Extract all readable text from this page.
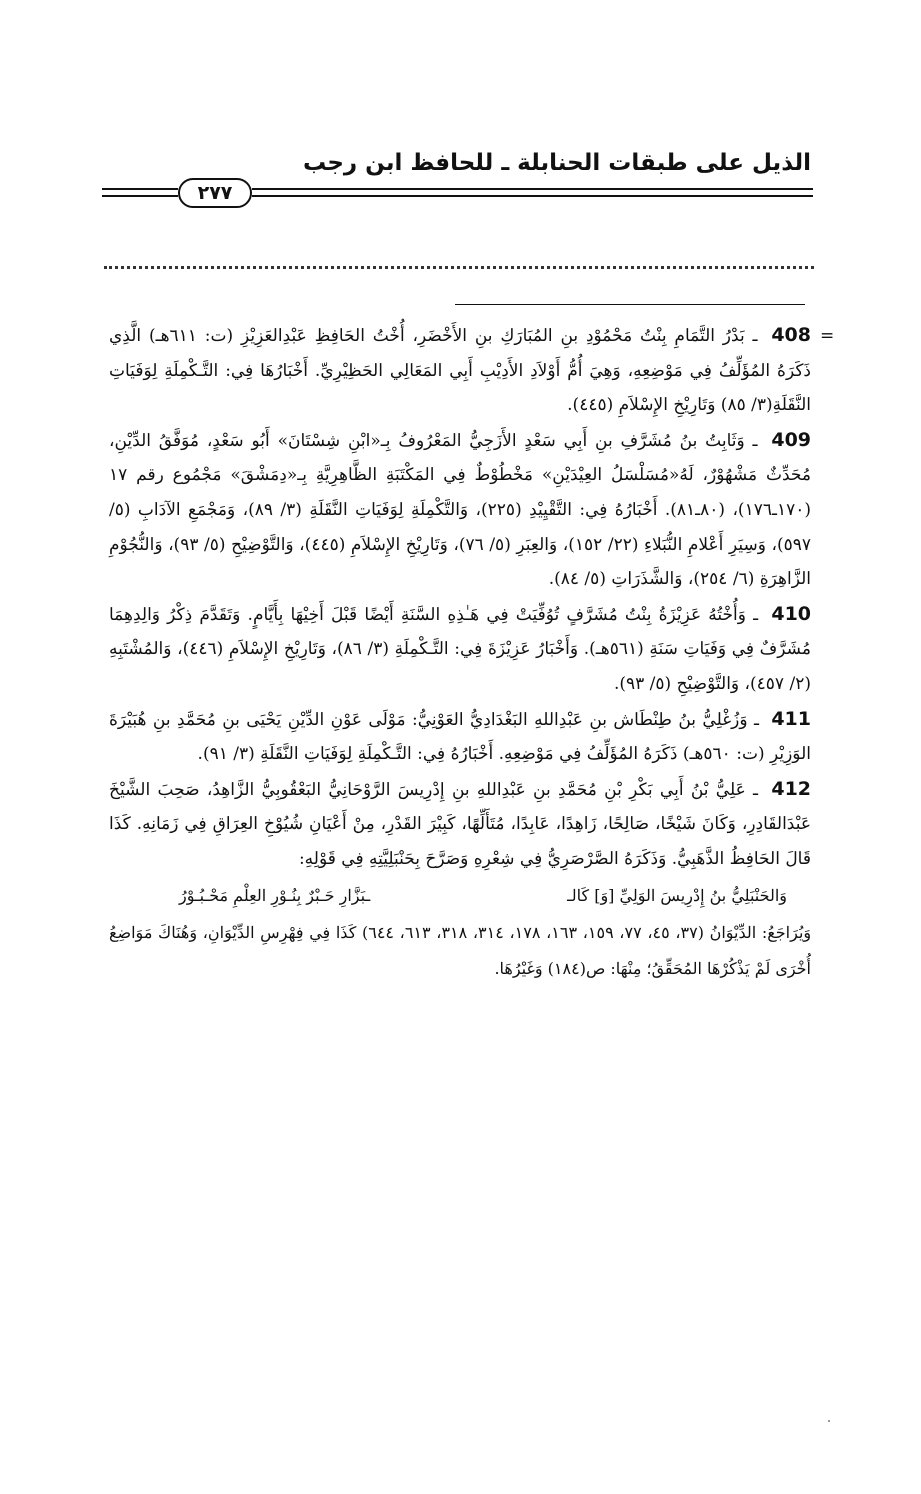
الذيل على طبقات الحنابلة ـ للحافظ ابن رجب
٢٧٧
=

408 ـ بَدْرُ التَّمَامِ بِنْتُ مَحْمُوْدِ بنِ المُبَارَكِ بنِ الأَخْضَرِ، أُخْتُ الحَافِظِ عَبْدِالعَزِيْزِ (ت: ٦١١هـ) الَّذِي ذَكَرَهُ المُؤَلِّفُ فِي مَوْضِعِهِ، وَهِيَ أُمُّ أَوْلاَدِ الأَدِيْبِ أَبِي المَعَالِي الحَظِيْرِيِّ. أَخْبَارُهَا فِي: التَّـكْمِلَةِ لِوَفَيَاتِ النَّقَلَةِ(٣/ ٨٥) وَتَارِيْخِ الإِسْلاَمِ (٤٤٥).

409 ـ وَثَابِتُ بنُ مُشَرَّفِ بنِ أَبِي سَعْدٍ الأَزَجِيُّ المَعْرُوفُ بِـ«ابْنِ شِسْتَانَ» أَبُو سَعْدٍ، مُوَفَّقُ الدِّيْنِ، مُحَدِّثٌ مَشْهُوْرٌ، لَهُ«مُسَلْسَلُ العِيْدَيْنِ» مَخْطُوْطٌ فِي المَكْتَبَةِ الظَّاهِرِيَّةِ بِـ«دِمَشْقَ» مَجْمُوع رقم ١٧ (١٧٠ـ١٧٦)، (٨٠ـ٨١). أَخْبَارُهُ فِي: التَّقْيِيْدِ (٢٢٥)، وَالتَّكْمِلَةِ لِوَفَيَاتِ النَّقَلَةِ (٣/ ٨٩)، وَمَجْمَعِ الآدَابِ (٥/ ٥٩٧)، وَسِيَرِ أَعْلامِ النُّبَلاءِ (٢٢/ ١٥٢)، وَالعِبَرِ (٥/ ٧٦)، وَتَارِيْخِ الإِسْلاَمِ (٤٤٥)، وَالتَّوْضِيْحِ (٥/ ٩٣)، وَالنُّجُوْمِ الزَّاهِرَةِ (٦/ ٢٥٤)، وَالشَّذَرَاتِ (٥/ ٨٤).

410 ـ وَأُخْتُهُ عَزِيْزَةُ بِنْتُ مُشَرَّفٍ تُوُفِّيَتْ فِي هَـٰذِهِ السَّنَةِ أَيْضًا قَبْلَ أَخِيْهَا بِأَيَّامٍ. وَتَقَدَّمَ ذِكْرُ وَالِدِهِمَا مُشَرَّفٌ فِي وَفَيَاتِ سَنَةِ (٥٦١هـ). وَأَخْبَارُ عَزِيْزَةَ فِي: التَّـكْمِلَةِ (٣/ ٨٦)، وَتَارِيْخِ الإِسْلاَمِ (٤٤٦)، وَالمُشْتَبِهِ (٢/ ٤٥٧)، وَالتَّوْضِيْحِ (٥/ ٩٣).

411 ـ وَزُغْلِيُّ بنُ طِنْطَاش بنِ عَبْدِاللهِ البَغْدَادِيُّ العَوْنِيُّ: مَوْلَى عَوْنِ الدِّيْنِ يَحْيَى بنِ مُحَمَّدِ بنِ هُبَيْرَةَ الوَزِيْرِ (ت: ٥٦٠هـ) ذَكَرَهُ المُؤَلِّفُ فِي مَوْضِعِهِ. أَخْبَارُهُ فِي: التَّـكْمِلَةِ لِوَفَيَاتِ النَّقَلَةِ (٣/ ٩١).

412 ـ عَلِيُّ بْنُ أَبِي بَكْرِ بْنِ مُحَمَّدِ بنِ عَبْدِاللهِ بنِ إِدْرِيسَ الرَّوْحَانِيُّ البَعْقُوبِيُّ الزَّاهِدُ، صَحِبَ الشَّيْخَ عَبْدَالقَادِرِ، وَكَانَ شَيْخًا، صَالِحًا، زَاهِدًا، عَابِدًا، مُتَأَلِّهًا، كَبِيْرَ القَدْرِ، مِنْ أَعْيَانِ شُيُوْخِ العِرَاقِ فِي زَمَانِهِ. كَذَا قَالَ الحَافِظُ الذَّهَبِيُّ. وَذَكَرَهُ الصَّرْصَرِيُّ فِي شِعْرِهِ وَصَرَّحَ بِحَنْبَلِيَّتِهِ فِي قَوْلِهِ:

وَالحَنْبَلِيُّ بنُ إِدْرِيسَ الوَلِيِّ [وَ] كَالـ
ـبَزَّارِ حَـبْرٌ بِنُـوْرِ العِلْمِ مَحْـبُـوْرُ

وَيُرَاجَعُ: الدِّيْوَانُ (٣٧، ٤٥، ٧٧، ١٥٩، ١٦٣، ١٧٨، ٣١٤، ٣١٨، ٦١٣، ٦٤٤) كَذَا فِي فِهْرِسِ الدِّيْوَانِ، وَهُنَاكَ مَوَاضِعُ أُخْرَى لَمْ يَذْكُرْهَا المُحَقِّقُ؛ مِنْهَا: ص(١٨٤) وَغَيْرُهَا.
